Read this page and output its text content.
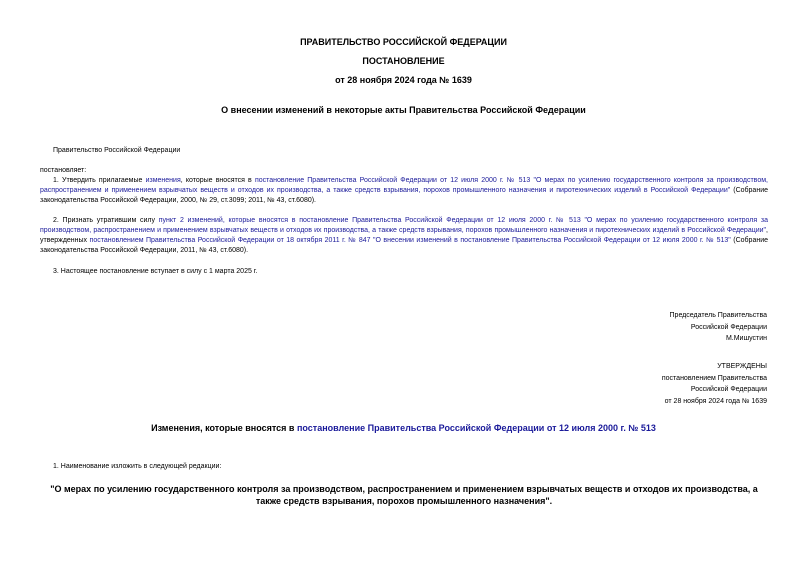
ПРАВИТЕЛЬСТВО РОССИЙСКОЙ ФЕДЕРАЦИИ
ПОСТАНОВЛЕНИЕ
от 28 ноября 2024 года № 1639
О внесении изменений в некоторые акты Правительства Российской Федерации
Правительство Российской Федерации
постановляет:
1. Утвердить прилагаемые изменения, которые вносятся в постановление Правительства Российской Федерации от 12 июля 2000 г. № 513 "О мерах по усилению государственного контроля за производством, распространением и применением взрывчатых веществ и отходов их производства, а также средств взрывания, порохов промышленного назначения и пиротехнических изделий в Российской Федерации" (Собрание законодательства Российской Федерации, 2000, № 29, ст.3099; 2011, № 43, ст.6080).
2. Признать утратившим силу пункт 2 изменений, которые вносятся в постановление Правительства Российской Федерации от 12 июля 2000 г. № 513 "О мерах по усилению государственного контроля за производством, распространением и применением взрывчатых веществ и отходов их производства, а также средств взрывания, порохов промышленного назначения и пиротехнических изделий в Российской Федерации", утвержденных постановлением Правительства Российской Федерации от 18 октября 2011 г. № 847 "О внесении изменений в постановление Правительства Российской Федерации от 12 июля 2000 г. № 513" (Собрание законодательства Российской Федерации, 2011, № 43, ст.6080).
3. Настоящее постановление вступает в силу с 1 марта 2025 г.
Председатель Правительства
Российской Федерации
М.Мишустин
УТВЕРЖДЕНЫ
постановлением Правительства
Российской Федерации
от 28 ноября 2024 года № 1639
Изменения, которые вносятся в постановление Правительства Российской Федерации от 12 июля 2000 г. № 513
1. Наименование изложить в следующей редакции:
"О мерах по усилению государственного контроля за производством, распространением и применением взрывчатых веществ и отходов их производства, а также средств взрывания, порохов промышленного назначения".
